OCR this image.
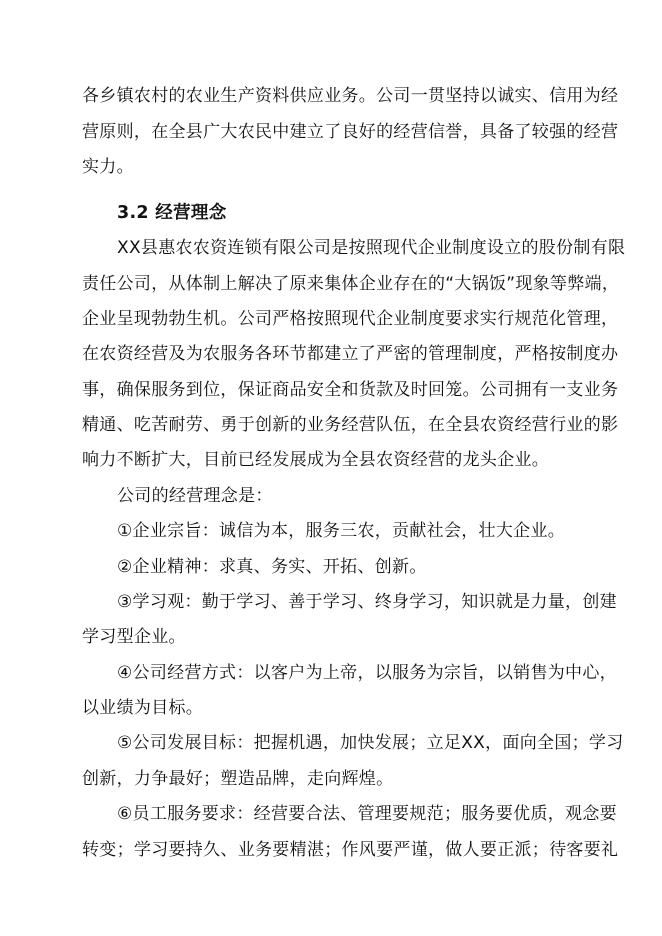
各乡镇农村的农业生产资料供应业务。公司一贯坚持以诚实、信用为经
营原则，在全县广大农民中建立了良好的经营信誉，具备了较强的经营
实力。
3.2 经营理念
XX县惠农农资连锁有限公司是按照现代企业制度设立的股份制有限
责任公司，从体制上解决了原来集体企业存在的“大锅饭”现象等弊端，
企业呈现勃勃生机。公司严格按照现代企业制度要求实行规范化管理，
在农资经营及为农服务各环节都建立了严密的管理制度，严格按制度办
事，确保服务到位，保证商品安全和货款及时回笼。公司拥有一支业务
精通、吃苦耐劳、勇于创新的业务经营队伍，在全县农资经营行业的影
响力不断扩大，目前已经发展成为全县农资经营的龙头企业。
公司的经营理念是：
①企业宗旨：诚信为本，服务三农，贡献社会，壮大企业。
②企业精神：求真、务实、开拓、创新。
③学习观：勤于学习、善于学习、终身学习，知识就是力量，创建
学习型企业。
④公司经营方式：以客户为上帝，以服务为宗旨，以销售为中心，
以业绩为目标。
⑤公司发展目标：把握机遇，加快发展；立足XX，面向全国；学习
创新，力争最好；塑造品牌，走向辉煌。
⑥员工服务要求：经营要合法、管理要规范；服务要优质，观念要
转变；学习要持久、业务要精湛；作风要严谨，做人要正派；待客要礼
